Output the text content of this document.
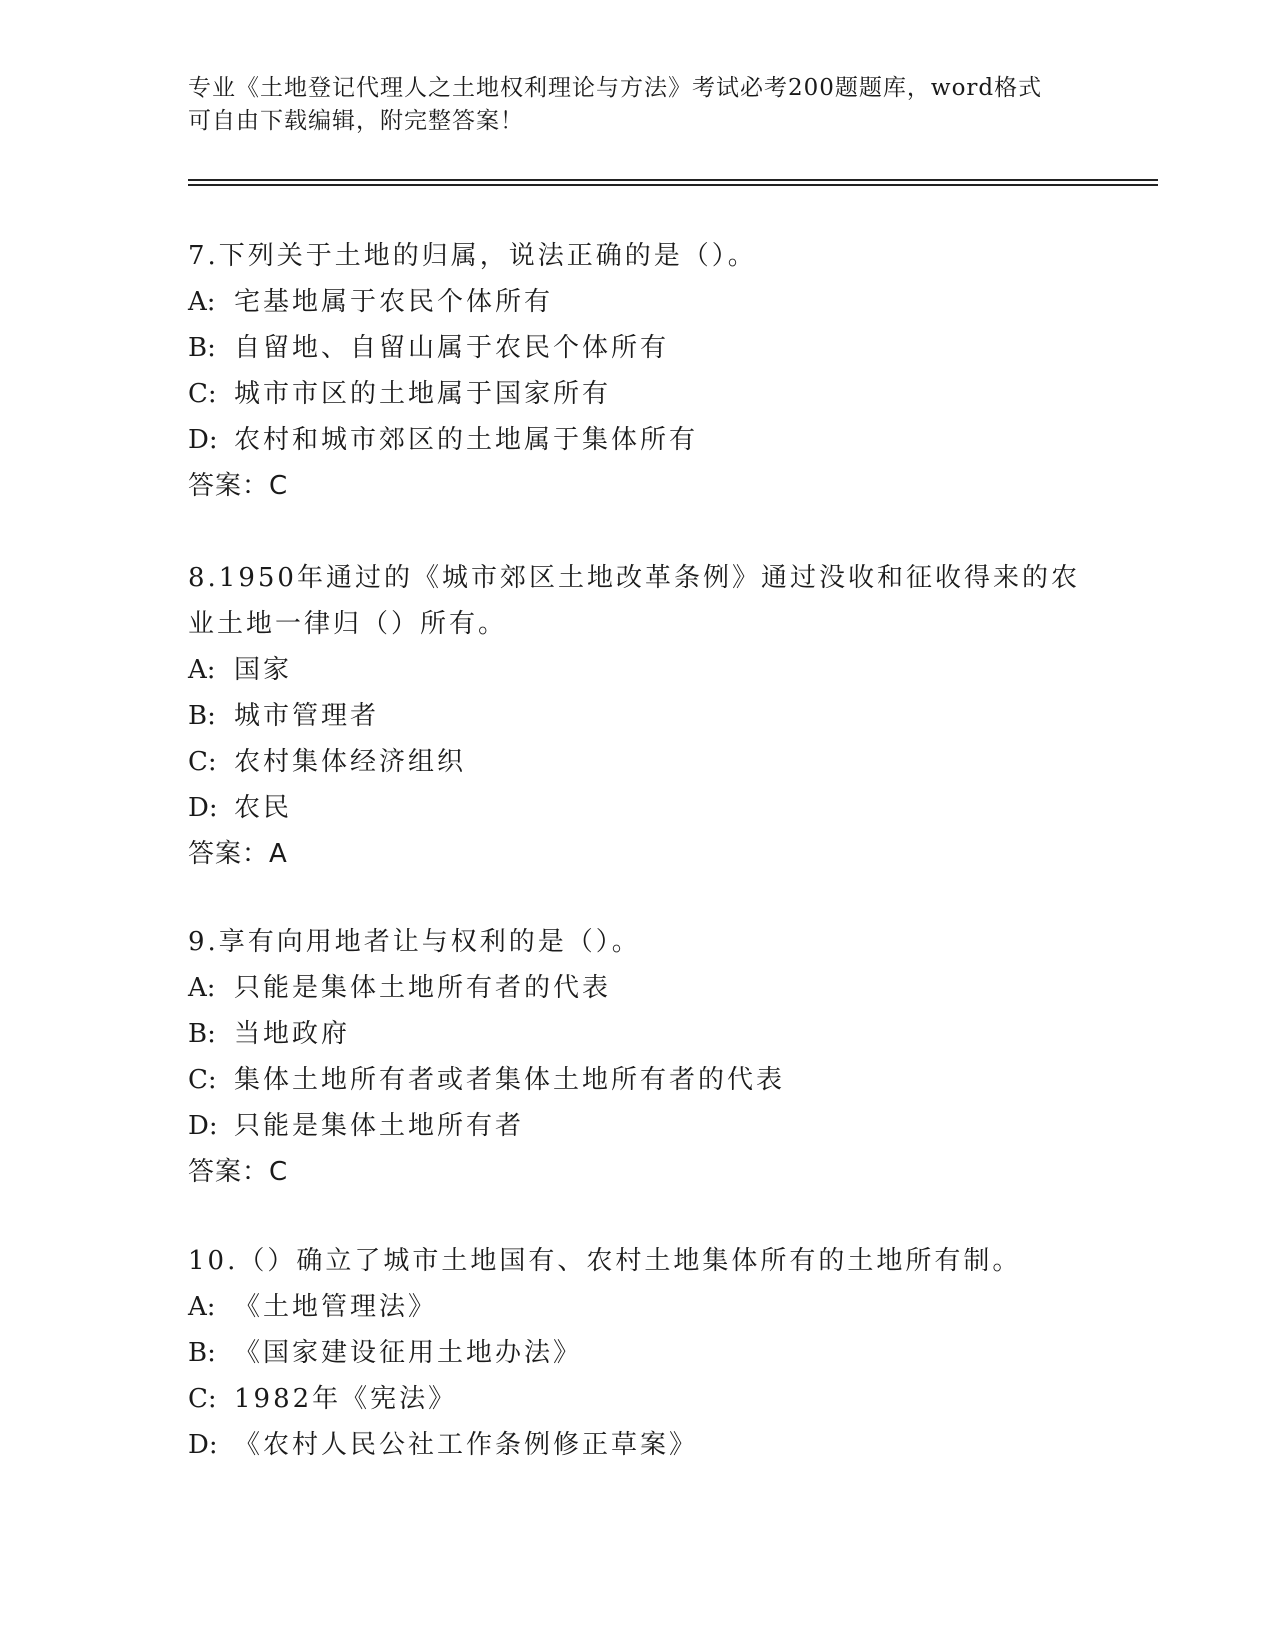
专业《土地登记代理人之土地权利理论与方法》考试必考200题题库，word格式
可自由下载编辑，附完整答案！
7.下列关于土地的归属，说法正确的是（）。
A: 宅基地属于农民个体所有
B: 自留地、自留山属于农民个体所有
C: 城市市区的土地属于国家所有
D: 农村和城市郊区的土地属于集体所有
答案：C
8.1950年通过的《城市郊区土地改革条例》通过没收和征收得来的农
业土地一律归（）所有。
A: 国家
B: 城市管理者
C: 农村集体经济组织
D: 农民
答案：A
9.享有向用地者让与权利的是（）。
A: 只能是集体土地所有者的代表
B: 当地政府
C: 集体土地所有者或者集体土地所有者的代表
D: 只能是集体土地所有者
答案：C
10.（）确立了城市土地国有、农村土地集体所有的土地所有制。
A: 《土地管理法》
B: 《国家建设征用土地办法》
C: 1982年《宪法》
D: 《农村人民公社工作条例修正草案》
